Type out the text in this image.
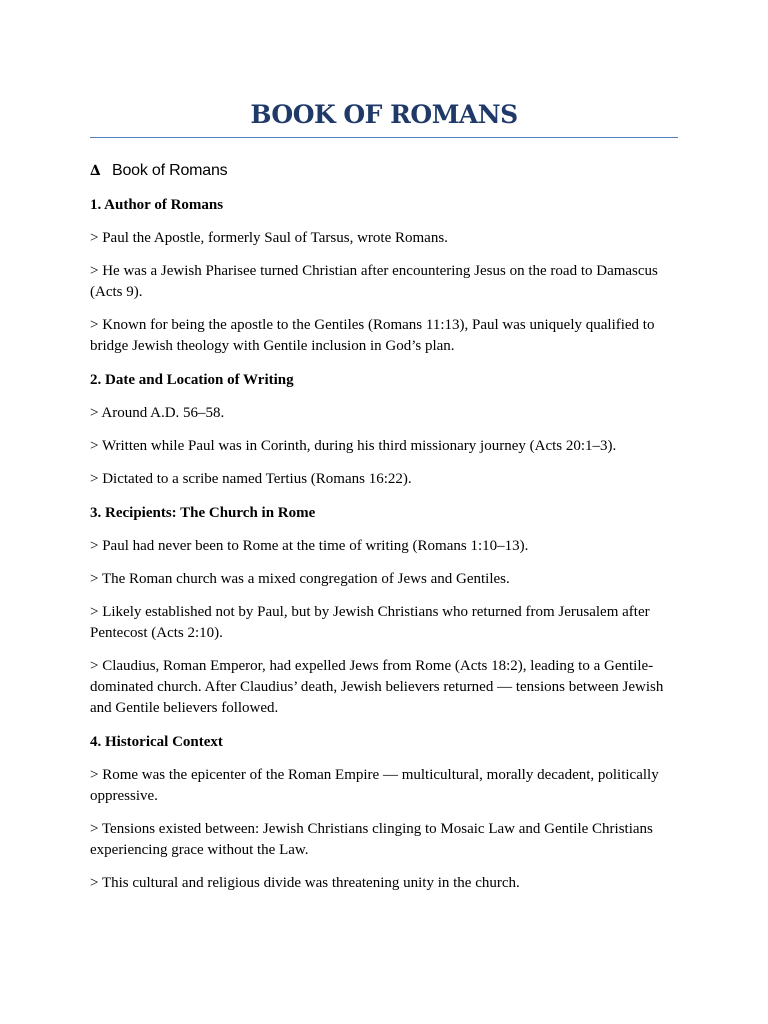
BOOK OF ROMANS
∆ Book of Romans

1. Author of Romans

> Paul the Apostle, formerly Saul of Tarsus, wrote Romans.

> He was a Jewish Pharisee turned Christian after encountering Jesus on the road to Damascus (Acts 9).

> Known for being the apostle to the Gentiles (Romans 11:13), Paul was uniquely qualified to bridge Jewish theology with Gentile inclusion in God’s plan.

2. Date and Location of Writing

> Around A.D. 56–58.

> Written while Paul was in Corinth, during his third missionary journey (Acts 20:1–3).

> Dictated to a scribe named Tertius (Romans 16:22).

3. Recipients: The Church in Rome

> Paul had never been to Rome at the time of writing (Romans 1:10–13).

> The Roman church was a mixed congregation of Jews and Gentiles.

> Likely established not by Paul, but by Jewish Christians who returned from Jerusalem after Pentecost (Acts 2:10).

> Claudius, Roman Emperor, had expelled Jews from Rome (Acts 18:2), leading to a Gentile-dominated church. After Claudius’ death, Jewish believers returned — tensions between Jewish and Gentile believers followed.

4. Historical Context

> Rome was the epicenter of the Roman Empire — multicultural, morally decadent, politically oppressive.

> Tensions existed between: Jewish Christians clinging to Mosaic Law and Gentile Christians experiencing grace without the Law.

> This cultural and religious divide was threatening unity in the church.
